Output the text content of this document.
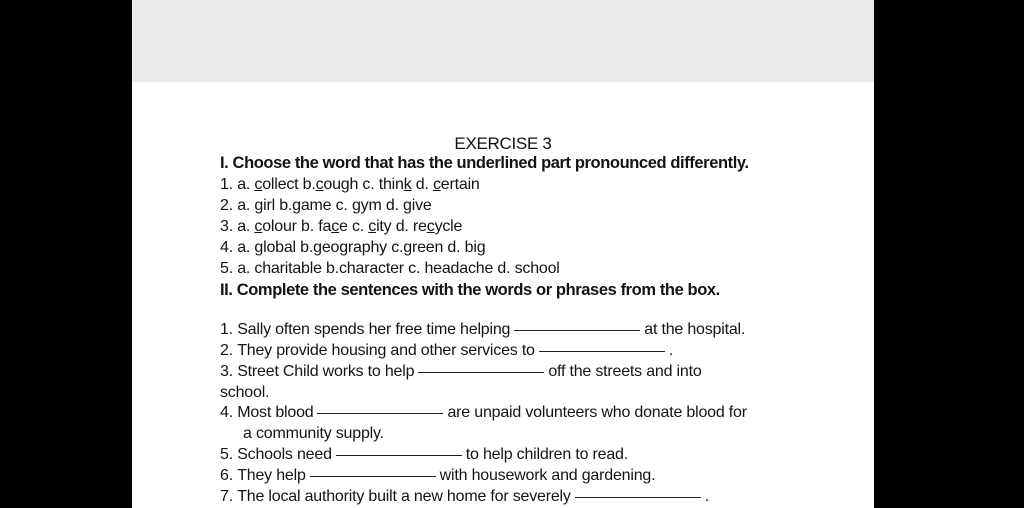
EXERCISE 3
I. Choose the word that has the underlined part pronounced differently.
1. a. collect b.cough c. think d. certain
2. a. girl b.game c. gym d. give
3. a. colour b. face c. city d. recycle
4. a. global b.geography c.green d. big
5. a. charitable b.character c. headache d. school
II. Complete the sentences with the words or phrases from the box.
1. Sally often spends her free time helping	at the hospital.
2. They provide housing and other services to	.
3. Street Child works to help	off the streets and into
school.
4. Most blood	are unpaid volunteers who donate blood for
a community supply.
5. Schools need	to help children to read.
6. They help	with housework and gardening.
7. The local authority built a new home for severely	.
